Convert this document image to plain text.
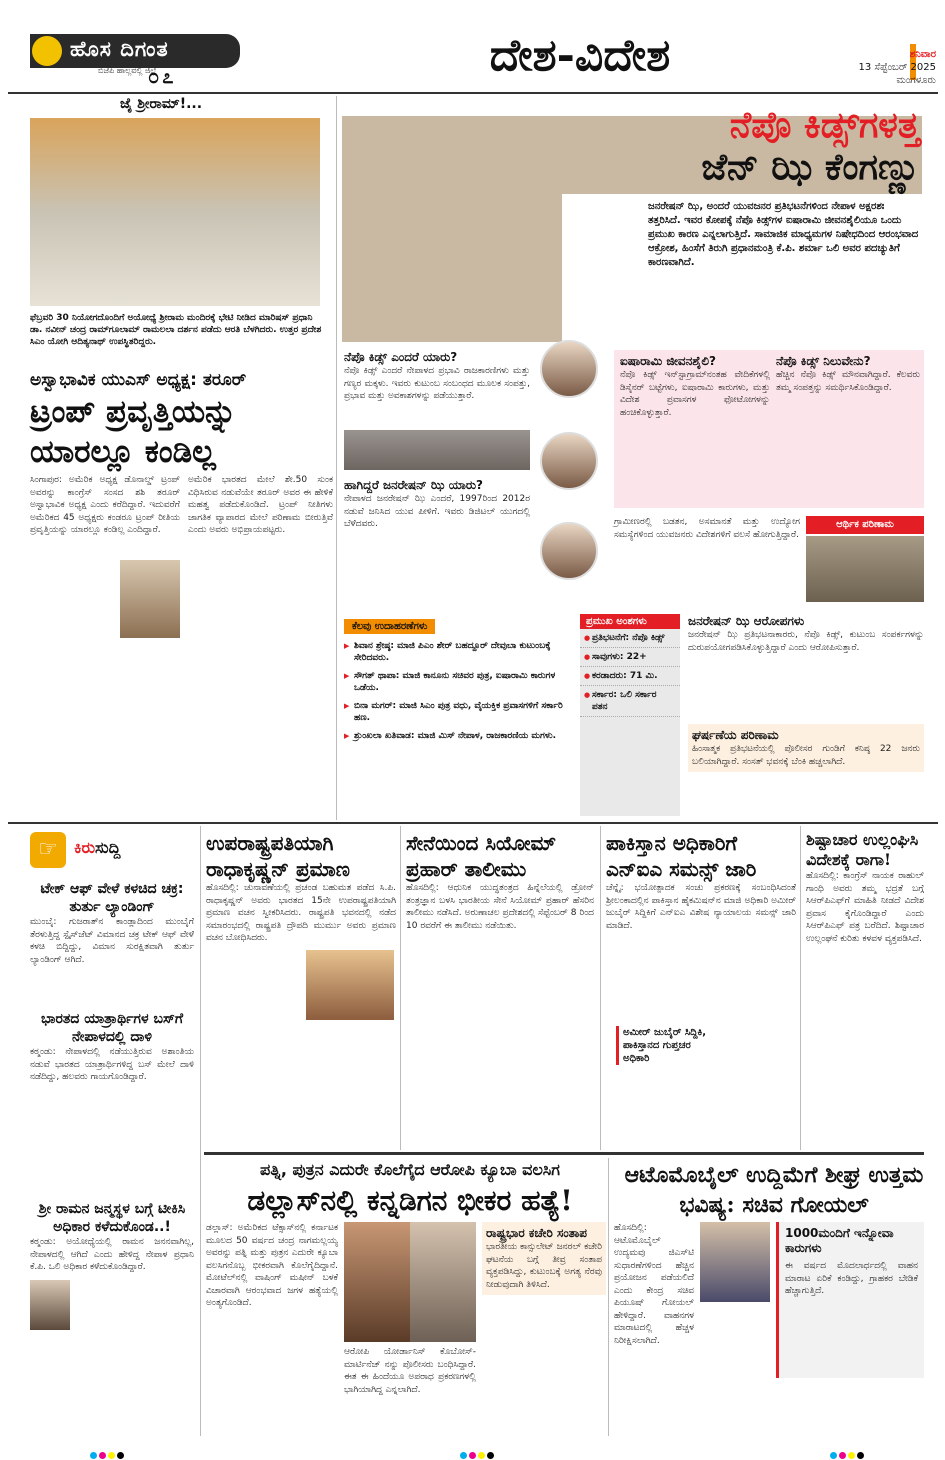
ಹೊಸ ದಿಗಂತ
ಬಿಜೆಪಿ ಹಾಲ್ಲವಲ್ಲಿ ಜಿಲ್ಲೆ
೦೭	ದೇಶ-ವಿದೇಶ	ಶನಿವಾರ
13 ಸೆಪ್ಟೆಂಬರ್ 2025
ಮಂಗಳೂರು
ಜೈ ಶ್ರೀರಾಮ್!...
ಫೆಬ್ರವರಿ 30 ನಿಯೋಗದೊಂದಿಗೆ ಅಯೋಧ್ಯೆ ಶ್ರೀರಾಮ ಮಂದಿರಕ್ಕೆ ಭೇಟಿ ನೀಡಿದ ಮಾರಿಷಸ್ ಪ್ರಧಾನಿ ಡಾ. ನವೀನ್ ಚಂದ್ರ ರಾಮ್‌ಗೂಲಾಮ್ ರಾಮಲಲಾ ದರ್ಶನ ಪಡೆದು ಆರತಿ ಬೆಳಗಿದರು. ಉತ್ತರ ಪ್ರದೇಶ ಸಿಎಂ ಯೋಗಿ ಆದಿತ್ಯನಾಥ್‌ ಉಪಸ್ಥಿತರಿದ್ದರು.
ಅಸ್ವಾಭಾವಿಕ ಯುಎಸ್ ಅಧ್ಯಕ್ಷ: ತರೂರ್
ಟ್ರಂಪ್ ಪ್ರವೃತ್ತಿಯನ್ನು ಯಾರಲ್ಲೂ ಕಂಡಿಲ್ಲ
ಸಿಂಗಾಪುರ: ಅಮೆರಿಕ ಅಧ್ಯಕ್ಷ ಡೊನಾಲ್ಡ್ ಟ್ರಂಪ್ ಅವರನ್ನು ಕಾಂಗ್ರೆಸ್ ಸಂಸದ ಶಶಿ ತರೂರ್ ಅಸ್ವಾಭಾವಿಕ ಅಧ್ಯಕ್ಷ ಎಂದು ಕರೆದಿದ್ದಾರೆ. ಇದುವರೆಗೆ ಅಮೆರಿಕದ 45 ಅಧ್ಯಕ್ಷರು ಕಂಡರೂ ಟ್ರಂಪ್ ರೀತಿಯ ಪ್ರವೃತ್ತಿಯನ್ನು ಯಾರಲ್ಲೂ ಕಂಡಿಲ್ಲ ಎಂದಿದ್ದಾರೆ.
ಅಮೆರಿಕ ಭಾರತದ ಮೇಲೆ ಶೇ.50 ಸುಂಕ ವಿಧಿಸಿರುವ ನಡುವೆಯೇ ತರೂರ್ ಅವರ ಈ ಹೇಳಿಕೆ ಮಹತ್ವ ಪಡೆದುಕೊಂಡಿದೆ. ಟ್ರಂಪ್ ನೀತಿಗಳು ಜಾಗತಿಕ ವ್ಯಾಪಾರದ ಮೇಲೆ ಪರಿಣಾಮ ಬೀರುತ್ತಿವೆ ಎಂದು ಅವರು ಅಭಿಪ್ರಾಯಪಟ್ಟರು.
ನೆಪೊ ಕಿಡ್ಸ್‌ಗಳತ್ತ
ಜೆನ್ ಝಿ ಕೆಂಗಣ್ಣು
ಜನರೇಷನ್ ಝಿ, ಅಂದರೆ ಯುವಜನರ ಪ್ರತಿಭಟನೆಗಳಿಂದ ನೇಪಾಳ ಅಕ್ಷರಶಃ ತತ್ತರಿಸಿದೆ. ಇವರ ಕೋಪಕ್ಕೆ ನೆಪೊ ಕಿಡ್ಸ್‌ಗಳ ಐಷಾರಾಮಿ ಜೀವನಶೈಲಿಯೂ ಒಂದು ಪ್ರಮುಖ ಕಾರಣ ಎನ್ನಲಾಗುತ್ತಿದೆ. ಸಾಮಾಜಿಕ ಮಾಧ್ಯಮಗಳ ನಿಷೇಧದಿಂದ ಆರಂಭವಾದ ಆಕ್ರೋಶ, ಹಿಂಸೆಗೆ ತಿರುಗಿ ಪ್ರಧಾನಮಂತ್ರಿ ಕೆ.ಪಿ. ಶರ್ಮಾ ಒಲಿ ಅವರ ಪದಚ್ಯುತಿಗೆ ಕಾರಣವಾಗಿದೆ.
ನೆಪೊ ಕಿಡ್ಸ್ ಎಂದರೆ ಯಾರು?
ನೆಪೊ ಕಿಡ್ಸ್ ಎಂದರೆ ನೇಪಾಳದ ಪ್ರಭಾವಿ ರಾಜಕಾರಣಿಗಳು ಮತ್ತು ಗಣ್ಯರ ಮಕ್ಕಳು. ಇವರು ಕುಟುಂಬ ಸಂಬಂಧದ ಮೂಲಕ ಸಂಪತ್ತು, ಪ್ರಭಾವ ಮತ್ತು ಅವಕಾಶಗಳನ್ನು ಪಡೆಯುತ್ತಾರೆ.
ಹಾಗಿದ್ದರೆ ಜನರೇಷನ್ ಝಿ ಯಾರು?
ನೇಪಾಳದ ಜನರೇಷನ್ ಝಿ ಎಂದರೆ, 1997ರಿಂದ 2012ರ ನಡುವೆ ಜನಿಸಿದ ಯುವ ಪೀಳಿಗೆ. ಇವರು ಡಿಜಿಟಲ್ ಯುಗದಲ್ಲಿ ಬೆಳೆದವರು.
ಐಷಾರಾಮಿ ಜೀವನಶೈಲಿ?
ನೆಪೊ ಕಿಡ್ಸ್ ಇನ್‌ಸ್ಟಾಗ್ರಾಮ್‌ನಂತಹ ವೇದಿಕೆಗಳಲ್ಲಿ ಡಿಸೈನರ್ ಬಟ್ಟೆಗಳು, ಐಷಾರಾಮಿ ಕಾರುಗಳು, ಮತ್ತು ವಿದೇಶ ಪ್ರವಾಸಗಳ ಫೋಟೋಗಳನ್ನು ಹಂಚಿಕೊಳ್ಳುತ್ತಾರೆ.
ನೆಪೊ ಕಿಡ್ಸ್ ನಿಲುವೇನು?
ಹೆಚ್ಚಿನ ನೆಪೊ ಕಿಡ್ಸ್ ಮೌನವಾಗಿದ್ದಾರೆ. ಕೆಲವರು ತಮ್ಮ ಸಂಪತ್ತನ್ನು ಸಮರ್ಥಿಸಿಕೊಂಡಿದ್ದಾರೆ.
ಗ್ರಾಮೀಣರಲ್ಲಿ ಬಡತನ, ಅಸಮಾನತೆ ಮತ್ತು ಉದ್ಯೋಗ ಸಮಸ್ಯೆಗಳಿಂದ ಯುವಜನರು ವಿದೇಶಗಳಿಗೆ ವಲಸೆ ಹೋಗುತ್ತಿದ್ದಾರೆ.
ಆರ್ಥಿಕ ಪರಿಣಾಮ
ಕೆಲವು ಉದಾಹರಣೆಗಳು
▶ ಶಿವಾನ ಶ್ರೇಷ್ಠ: ಮಾಜಿ ಪಿಎಂ ಶೇರ್ ಬಹದ್ದೂರ್ ದೇವುಬಾ ಕುಟುಂಬಕ್ಕೆ ಸೇರಿದವರು.
▶ ಸೌಗತ್ ಥಾಪಾ: ಮಾಜಿ ಕಾನೂನು ಸಚಿವರ ಪುತ್ರ, ಐಷಾರಾಮಿ ಕಾರುಗಳ ಒಡೆಯ.
▶ ಬಿನಾ ಮಗರ್: ಮಾಜಿ ಸಿಎಂ ಪುತ್ರ ವಧು, ವೈಯಕ್ತಿಕ ಪ್ರವಾಸಗಳಿಗೆ ಸರ್ಕಾರಿ ಹಣ.
▶ ಶ್ರುಂಖಲಾ ಖತಿವಾಡ: ಮಾಜಿ ಮಿಸ್ ನೇಪಾಳ, ರಾಜಕಾರಣಿಯ ಮಗಳು.
ಪ್ರಮುಖ ಅಂಶಗಳು
● ಪ್ರತಿಭಟನೆಗೆ: ನೆಪೊ ಕಿಡ್ಸ್
● ಸಾವುಗಳು: 22+
● ಕರಡಾದರು: 71 ಮಿ.
● ಸರ್ಕಾರ: ಒಲಿ ಸರ್ಕಾರ ಪತನ
ಜನರೇಷನ್ ಝಿ ಆರೋಪಗಳು
ಜನರೇಷನ್ ಝಿ ಪ್ರತಿಭಟನಾಕಾರರು, ನೆಪೊ ಕಿಡ್ಸ್, ಕುಟುಂಬ ಸಂಪರ್ಕಗಳನ್ನು ದುರುಪಯೋಗಪಡಿಸಿಕೊಳ್ಳುತ್ತಿದ್ದಾರೆ ಎಂದು ಆರೋಪಿಸುತ್ತಾರೆ.
ಘರ್ಷಣೆಯ ಪರಿಣಾಮ
ಹಿಂಸಾತ್ಮಕ ಪ್ರತಿಭಟನೆಯಲ್ಲಿ ಪೊಲೀಸರ ಗುಂಡಿಗೆ ಕನಿಷ್ಠ 22 ಜನರು ಬಲಿಯಾಗಿದ್ದಾರೆ. ಸಂಸತ್ ಭವನಕ್ಕೆ ಬೆಂಕಿ ಹಚ್ಚಲಾಗಿದೆ.
☞	ಕಿರುಸುದ್ದಿ
ಟೇಕ್ ಆಫ್ ವೇಳೆ ಕಳಚಿದ ಚಕ್ರ: ತುರ್ತು ಲ್ಯಾಂಡಿಂಗ್
ಮುಂಬೈ: ಗುಜರಾತ್‌ನ ಕಾಂಡ್ಲಾದಿಂದ ಮುಂಬೈಗೆ ತೆರಳುತ್ತಿದ್ದ ಸ್ಪೈಸ್‌ಜೆಟ್ ವಿಮಾನದ ಚಕ್ರ ಟೇಕ್ ಆಫ್ ವೇಳೆ ಕಳಚಿ ಬಿದ್ದಿದ್ದು, ವಿಮಾನ ಸುರಕ್ಷಿತವಾಗಿ ತುರ್ತು ಲ್ಯಾಂಡಿಂಗ್ ಆಗಿದೆ.
ಭಾರತದ ಯಾತ್ರಾರ್ಥಿಗಳ ಬಸ್‌ಗೆ ನೇಪಾಳದಲ್ಲಿ ದಾಳಿ
ಕಠ್ಮಂಡು: ನೇಪಾಳದಲ್ಲಿ ನಡೆಯುತ್ತಿರುವ ಅಶಾಂತಿಯ ನಡುವೆ ಭಾರತದ ಯಾತ್ರಾರ್ಥಿಗಳಿದ್ದ ಬಸ್ ಮೇಲೆ ದಾಳಿ ನಡೆದಿದ್ದು, ಹಲವರು ಗಾಯಗೊಂಡಿದ್ದಾರೆ.
ಶ್ರೀ ರಾಮನ ಜನ್ಮಸ್ಥಳ ಬಗ್ಗೆ ಟೀಕಿಸಿ ಅಧಿಕಾರ ಕಳೆದುಕೊಂಡ..!
ಕಠ್ಮಂಡು: ಅಯೋಧ್ಯೆಯಲ್ಲಿ ರಾಮನ ಜನನವಾಗಿಲ್ಲ, ನೇಪಾಳದಲ್ಲಿ ಆಗಿದೆ ಎಂದು ಹೇಳಿದ್ದ ನೇಪಾಳ ಪ್ರಧಾನಿ ಕೆ.ಪಿ. ಒಲಿ ಅಧಿಕಾರ ಕಳೆದುಕೊಂಡಿದ್ದಾರೆ.
ಉಪರಾಷ್ಟ್ರಪತಿಯಾಗಿ ರಾಧಾಕೃಷ್ಣನ್ ಪ್ರಮಾಣ
ಹೊಸದಿಲ್ಲಿ: ಚುನಾವಣೆಯಲ್ಲಿ ಪ್ರಚಂಡ ಬಹುಮತ ಪಡೆದ ಸಿ.ಪಿ. ರಾಧಾಕೃಷ್ಣನ್ ಅವರು ಭಾರತದ 15ನೇ ಉಪರಾಷ್ಟ್ರಪತಿಯಾಗಿ ಪ್ರಮಾಣ ವಚನ ಸ್ವೀಕರಿಸಿದರು. ರಾಷ್ಟ್ರಪತಿ ಭವನದಲ್ಲಿ ನಡೆದ ಸಮಾರಂಭದಲ್ಲಿ ರಾಷ್ಟ್ರಪತಿ ದ್ರೌಪದಿ ಮುರ್ಮು ಅವರು ಪ್ರಮಾಣ ವಚನ ಬೋಧಿಸಿದರು.
ಸೇನೆಯಿಂದ ಸಿಯೋಮ್ ಪ್ರಹಾರ್ ತಾಲೀಮು
ಹೊಸದಿಲ್ಲಿ: ಆಧುನಿಕ ಯುದ್ಧತಂತ್ರದ ಹಿನ್ನೆಲೆಯಲ್ಲಿ ಡ್ರೋನ್ ತಂತ್ರಜ್ಞಾನ ಬಳಸಿ ಭಾರತೀಯ ಸೇನೆ ಸಿಯೋಮ್ ಪ್ರಹಾರ್ ಹೆಸರಿನ ತಾಲೀಮು ನಡೆಸಿದೆ. ಅರುಣಾಚಲ ಪ್ರದೇಶದಲ್ಲಿ ಸೆಪ್ಟೆಂಬರ್ 8 ರಿಂದ 10 ರವರೆಗೆ ಈ ತಾಲೀಮು ನಡೆಯಿತು.
ಪಾಕಿಸ್ತಾನ ಅಧಿಕಾರಿಗೆ ಎನ್‌ಐಎ ಸಮನ್ಸ್ ಜಾರಿ
ಚೆನ್ನೈ: ಭಯೋತ್ಪಾದಕ ಸಂಚು ಪ್ರಕರಣಕ್ಕೆ ಸಂಬಂಧಿಸಿದಂತೆ ಶ್ರೀಲಂಕಾದಲ್ಲಿನ ಪಾಕಿಸ್ತಾನ ಹೈಕಮಿಷನ್‌ನ ಮಾಜಿ ಅಧಿಕಾರಿ ಅಮೀರ್ ಜುಬೈರ್ ಸಿದ್ದಿಕಿಗೆ ಎನ್‌ಐಎ ವಿಶೇಷ ನ್ಯಾಯಾಲಯ ಸಮನ್ಸ್ ಜಾರಿ ಮಾಡಿದೆ.
ಅಮೀರ್ ಜುಬೈರ್ ಸಿದ್ದಿಕಿ, ಪಾಕಿಸ್ತಾನದ ಗುಪ್ತಚರ ಅಧಿಕಾರಿ
ಶಿಷ್ಟಾಚಾರ ಉಲ್ಲಂಘಿಸಿ ವಿದೇಶಕ್ಕೆ ರಾಗಾ!
ಹೊಸದಿಲ್ಲಿ: ಕಾಂಗ್ರೆಸ್ ನಾಯಕ ರಾಹುಲ್ ಗಾಂಧಿ ಅವರು ತಮ್ಮ ಭದ್ರತೆ ಬಗ್ಗೆ ಸಿಆರ್‌ಪಿಎಫ್‌ಗೆ ಮಾಹಿತಿ ನೀಡದೆ ವಿದೇಶ ಪ್ರವಾಸ ಕೈಗೊಂಡಿದ್ದಾರೆ ಎಂದು ಸಿಆರ್‌ಪಿಎಫ್ ಪತ್ರ ಬರೆದಿದೆ. ಶಿಷ್ಟಾಚಾರ ಉಲ್ಲಂಘನೆ ಕುರಿತು ಕಳವಳ ವ್ಯಕ್ತಪಡಿಸಿದೆ.
ಪತ್ನಿ, ಪುತ್ರನ ಎದುರೇ ಕೊಲೆಗೈದ ಆರೋಪಿ ಕ್ಯೂಬಾ ವಲಸಿಗ
ಡಲ್ಲಾಸ್‌ನಲ್ಲಿ ಕನ್ನಡಿಗನ ಭೀಕರ ಹತ್ಯೆ!
ಡಲ್ಲಾಸ್: ಅಮೆರಿಕದ ಟೆಕ್ಸಾಸ್‌ನಲ್ಲಿ ಕರ್ನಾಟಕ ಮೂಲದ 50 ವರ್ಷದ ಚಂದ್ರ ನಾಗಮಲ್ಲಯ್ಯ ಅವರನ್ನು ಪತ್ನಿ ಮತ್ತು ಪುತ್ರನ ಎದುರೇ ಕ್ಯೂಬಾ ವಲಸಿಗನೊಬ್ಬ ಭೀಕರವಾಗಿ ಕೊಲೆಗೈದಿದ್ದಾನೆ. ಮೋಟೆಲ್‌ನಲ್ಲಿ ವಾಷಿಂಗ್ ಮಷೀನ್ ಬಳಕೆ ವಿಚಾರವಾಗಿ ಆರಂಭವಾದ ಜಗಳ ಹತ್ಯೆಯಲ್ಲಿ ಅಂತ್ಯಗೊಂಡಿದೆ.
ಆರೋಪಿ ಯೋರ್ಡಾನಿಸ್ ಕೊಬೋಸ್-ಮಾರ್ಟಿನೆಜ್ ನನ್ನು ಪೊಲೀಸರು ಬಂಧಿಸಿದ್ದಾರೆ. ಈತ ಈ ಹಿಂದೆಯೂ ಅಪರಾಧ ಪ್ರಕರಣಗಳಲ್ಲಿ ಭಾಗಿಯಾಗಿದ್ದ ಎನ್ನಲಾಗಿದೆ.
ರಾಷ್ಟ್ರಭಾರ ಕಚೇರಿ ಸಂತಾಪ
ಭಾರತೀಯ ಕಾನ್ಸುಲೇಟ್ ಜನರಲ್ ಕಚೇರಿ ಘಟನೆಯ ಬಗ್ಗೆ ತೀವ್ರ ಸಂತಾಪ ವ್ಯಕ್ತಪಡಿಸಿದ್ದು, ಕುಟುಂಬಕ್ಕೆ ಅಗತ್ಯ ನೆರವು ನೀಡುವುದಾಗಿ ತಿಳಿಸಿದೆ.
ಆಟೊಮೊಬೈಲ್ ಉದ್ದಿಮೆಗೆ ಶೀಘ್ರ ಉತ್ತಮ ಭವಿಷ್ಯ: ಸಚಿವ ಗೋಯಲ್
ಹೊಸದಿಲ್ಲಿ: ಆಟೊಮೊಬೈಲ್ ಉದ್ಯಮವು ಜಿಎಸ್‌ಟಿ ಸುಧಾರಣೆಗಳಿಂದ ಹೆಚ್ಚಿನ ಪ್ರಯೋಜನ ಪಡೆಯಲಿದೆ ಎಂದು ಕೇಂದ್ರ ಸಚಿವ ಪಿಯೂಷ್ ಗೋಯಲ್ ಹೇಳಿದ್ದಾರೆ. ವಾಹನಗಳ ಮಾರಾಟದಲ್ಲಿ ಹೆಚ್ಚಳ ನಿರೀಕ್ಷಿಸಲಾಗಿದೆ.
1000ಮಂದಿಗೆ ಇನ್ನೋವಾ ಕಾರುಗಳು
ಈ ವರ್ಷದ ಮೊದಲಾರ್ಧದಲ್ಲಿ ವಾಹನ ಮಾರಾಟ ಏರಿಕೆ ಕಂಡಿದ್ದು, ಗ್ರಾಹಕರ ಬೇಡಿಕೆ ಹೆಚ್ಚಾಗುತ್ತಿದೆ.
